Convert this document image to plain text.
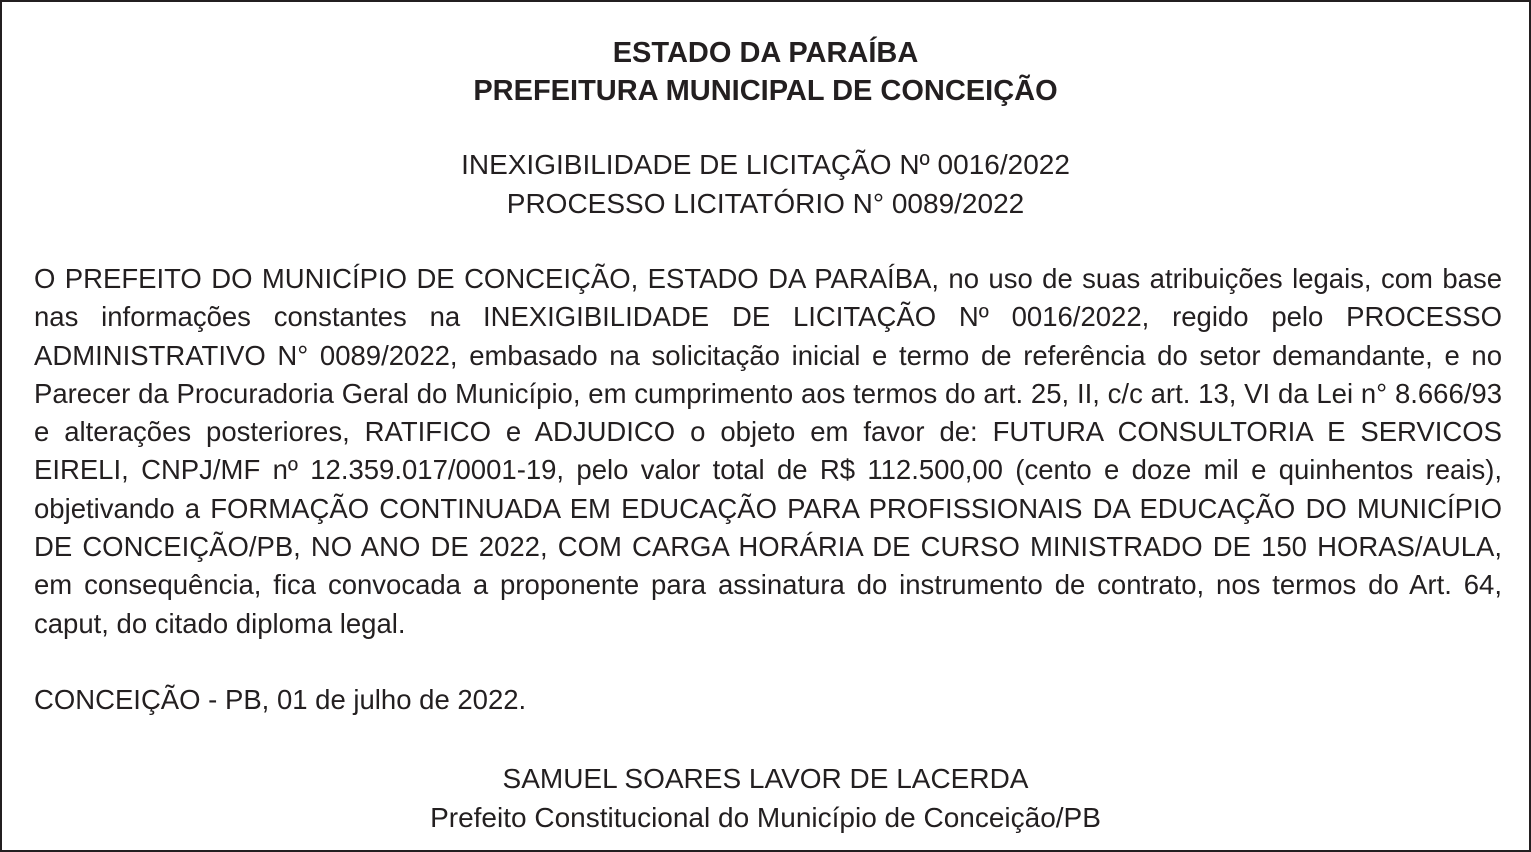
ESTADO DA PARAÍBA
PREFEITURA MUNICIPAL DE CONCEIÇÃO
INEXIGIBILIDADE DE LICITAÇÃO Nº 0016/2022
PROCESSO LICITATÓRIO N° 0089/2022

O PREFEITO DO MUNICÍPIO DE CONCEIÇÃO, ESTADO DA PARAÍBA, no uso de suas atribuições legais, com base nas informações constantes na INEXIGIBILIDADE DE LICITAÇÃO Nº 0016/2022, regido pelo PROCESSO ADMINISTRATIVO N° 0089/2022, embasado na solicitação inicial e termo de referência do setor demandante, e no Parecer da Procuradoria Geral do Município, em cumprimento aos termos do art. 25, II, c/c art. 13, VI da Lei n° 8.666/93 e alterações posteriores, RATIFICO e ADJUDICO o objeto em favor de: FUTURA CONSULTORIA E SERVICOS EIRELI, CNPJ/MF nº 12.359.017/0001-19, pelo valor total de R$ 112.500,00 (cento e doze mil e quinhentos reais), objetivando a FORMAÇÃO CONTINUADA EM EDUCAÇÃO PARA PROFISSIONAIS DA EDUCAÇÃO DO MUNICÍPIO DE CONCEIÇÃO/PB, NO ANO DE 2022, COM CARGA HORÁRIA DE CURSO MINISTRADO DE 150 HORAS/AULA, em consequência, fica convocada a proponente para assinatura do instrumento de contrato, nos termos do Art. 64, caput, do citado diploma legal.

CONCEIÇÃO - PB, 01 de julho de 2022.

SAMUEL SOARES LAVOR DE LACERDA
Prefeito Constitucional do Município de Conceição/PB
